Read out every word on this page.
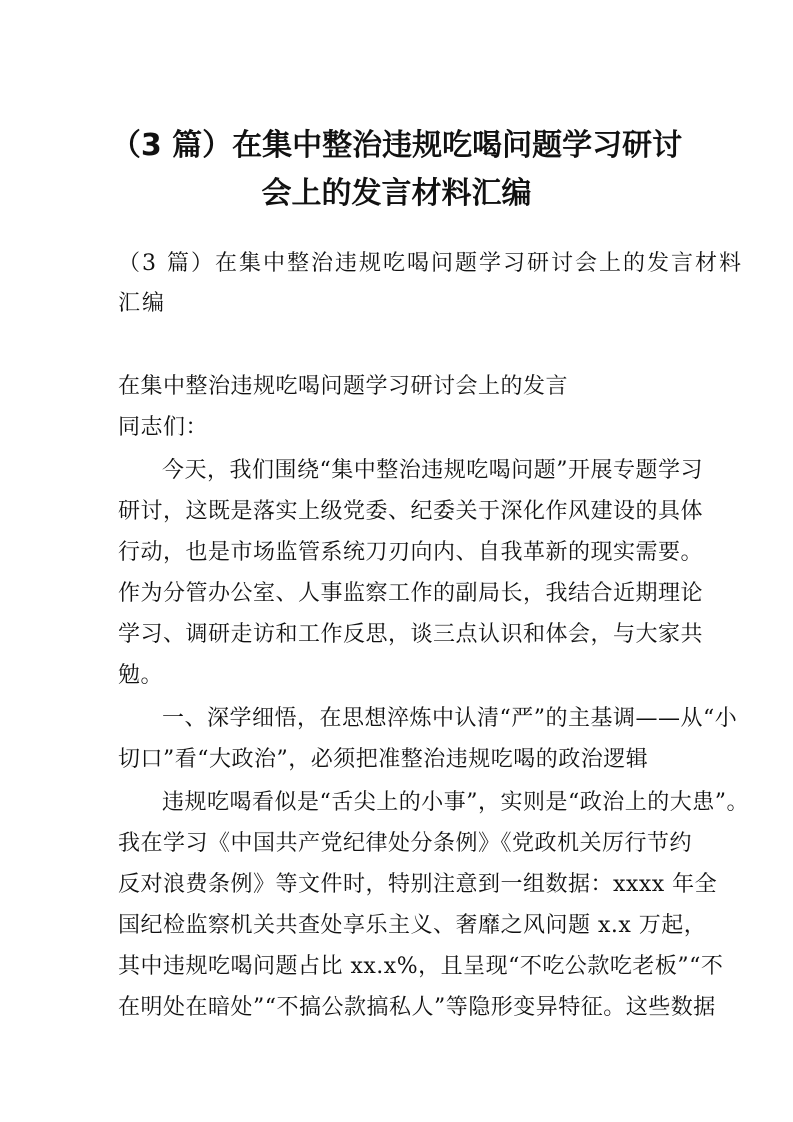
（3 篇）在集中整治违规吃喝问题学习研讨
会上的发言材料汇编

（3 篇）在集中整治违规吃喝问题学习研讨会上的发言材料

汇编

在集中整治违规吃喝问题学习研讨会上的发言

同志们：

今天，我们围绕“集中整治违规吃喝问题”开展专题学习

研讨，这既是落实上级党委、纪委关于深化作风建设的具体

行动，也是市场监管系统刀刃向内、自我革新的现实需要。

作为分管办公室、人事监察工作的副局长，我结合近期理论

学习、调研走访和工作反思，谈三点认识和体会，与大家共

勉。

一、深学细悟，在思想淬炼中认清“严”的主基调——从“小

切口”看“大政治”，必须把准整治违规吃喝的政治逻辑

违规吃喝看似是“舌尖上的小事”，实则是“政治上的大患”。

我在学习《中国共产党纪律处分条例》《党政机关厉行节约

反对浪费条例》等文件时，特别注意到一组数据：xxxx 年全

国纪检监察机关共查处享乐主义、奢靡之风问题 x.x 万起，

其中违规吃喝问题占比 xx.x%，且呈现“不吃公款吃老板”“不

在明处在暗处”“不搞公款搞私人”等隐形变异特征。这些数据
